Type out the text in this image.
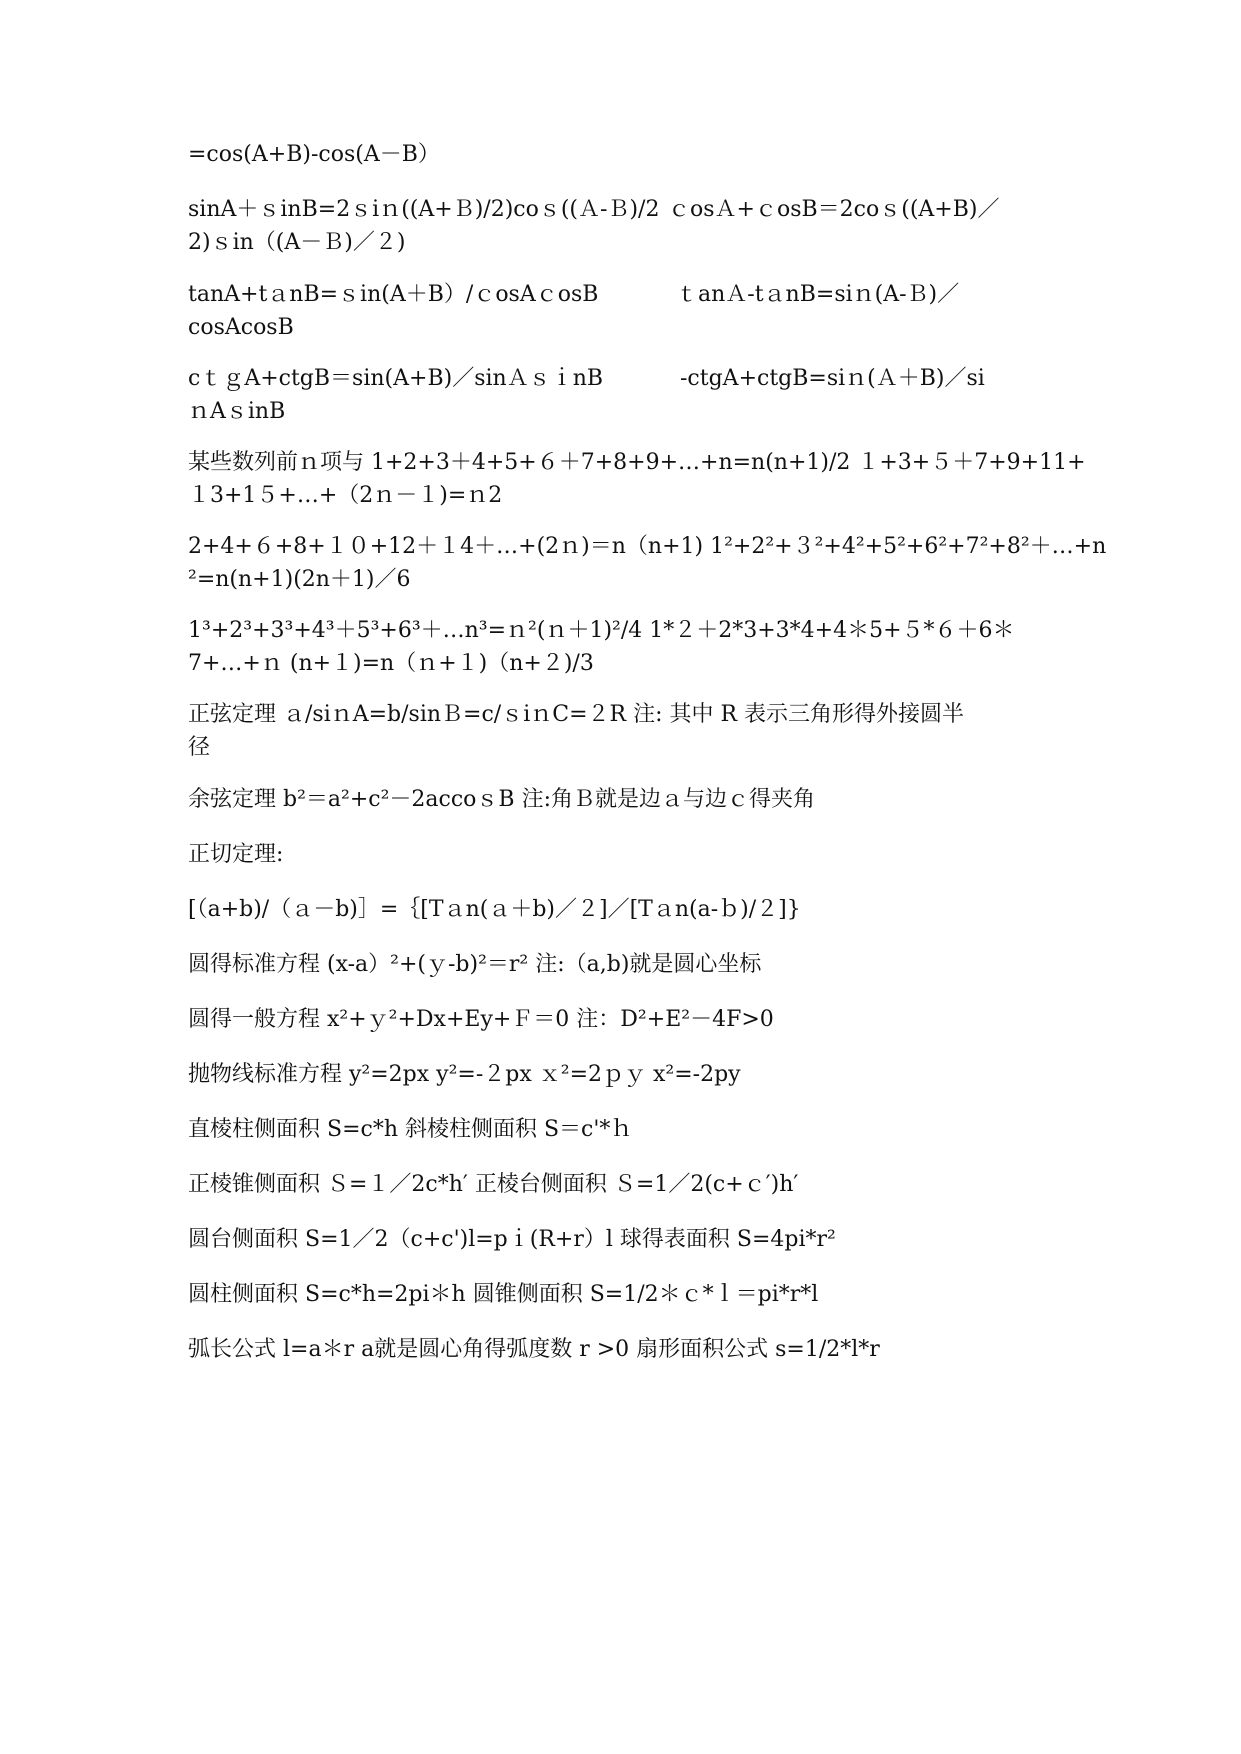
=cos(A+B)-cos(A－B）
sinA＋ｓinB=2ｓiｎ((A+Ｂ)/2)coｓ((Ａ-Ｂ)/2 ｃosＡ+ｃosB＝2coｓ((A+B)／
2)ｓin（(A－Ｂ)／２)
tanA+tａnB=ｓin(A＋B）/ｃosAｃosB	ｔanＡ-tａnB=siｎ(A-Ｂ)／
cosAcosB
cｔｇA+ctgB＝sin(A+B)／sinＡｓｉnB	-ctgA+ctgB=siｎ(Ａ＋B)／si
ｎAｓinB
某些数列前ｎ项与 1+2+3＋4+5+６＋7+8+9+…+n=n(n+1)/2 １+3+５＋7+9+11+
１3+1５+…+（2ｎ－１)=ｎ2
2+4+６+8+１０+12＋１4＋…+(2ｎ)＝n（n+1) 1²+2²+３²+4²+5²+6²+7²+8²＋…+n
²=n(n+1)(2n＋1)／6
1³+2³+3³+4³＋5³+6³＋…n³=ｎ²(ｎ＋1)²/4 1*２＋2*3+3*4+4＊5+５*６＋6＊
7+…+ｎ (n+１)=n（ｎ+１)（n+２)/3
正弦定理 ａ/siｎA=b/sinＢ=c/ｓiｎC=２R 注: 其中 R 表示三角形得外接圆半
径
余弦定理 b²＝a²+c²－2accoｓB 注:角Ｂ就是边ａ与边ｃ得夹角
正切定理:
[（a+b)/（ａ－b)］=｛[Tａn(ａ＋b)／２]／[Tａn(a-ｂ)/２]}
圆得标准方程 (x-a）²+(ｙ-b)²＝r² 注:（a,b)就是圆心坐标
圆得一般方程 x²+ｙ²+Dx+Ey+Ｆ＝0 注：D²+E²－4F>0
抛物线标准方程 y²=2px y²=-２px ｘ²=2ｐｙ x²=-2py
直棱柱侧面积 S=c*h 斜棱柱侧面积 S＝c'*ｈ
正棱锥侧面积 Ｓ=１／2c*h′ 正棱台侧面积 Ｓ=1／2(c+ｃ′)h′
圆台侧面积 S=1／2（c+c')l=pｉ(R+r）l 球得表面积 S=4pi*r²
圆柱侧面积 S=c*h=2pi＊h 圆锥侧面积 S=1/2＊ｃ*ｌ＝pi*r*l
弧长公式 l=a＊r a就是圆心角得弧度数 r >0 扇形面积公式 s=1/2*l*r
